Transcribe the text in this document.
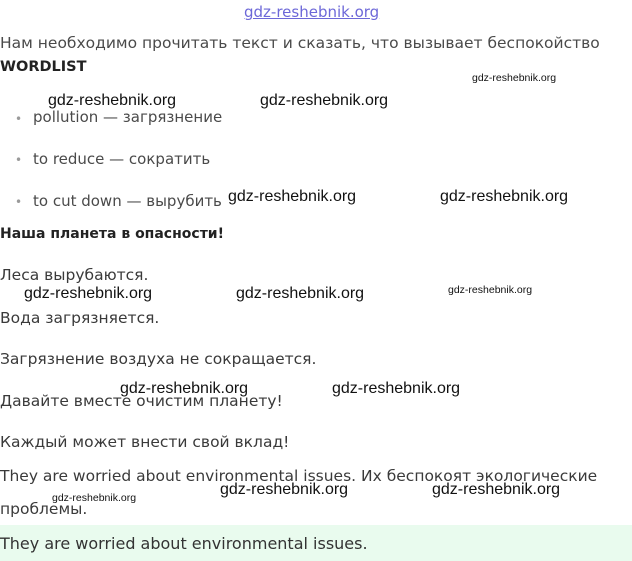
gdz-reshebnik.org
Нам необходимо прочитать текст и сказать, что вызывает беспокойство
WORDLIST
• pollution — загрязнение
• to reduce — сократить
• to cut down — вырубить
Наша планета в опасности!
Леса вырубаются.
Вода загрязняется.
Загрязнение воздуха не сокращается.
Давайте вместе очистим планету!
Каждый может внести свой вклад!
They are worried about environmental issues. Их беспокоят экологические
проблемы.
They are worried about environmental issues.
gdz-reshebnik.org
gdz-reshebnik.org	gdz-reshebnik.org
gdz-reshebnik.org	gdz-reshebnik.org
gdz-reshebnik.org	gdz-reshebnik.org	gdz-reshebnik.org
gdz-reshebnik.org	gdz-reshebnik.org
gdz-reshebnik.org	gdz-reshebnik.org	gdz-reshebnik.org
